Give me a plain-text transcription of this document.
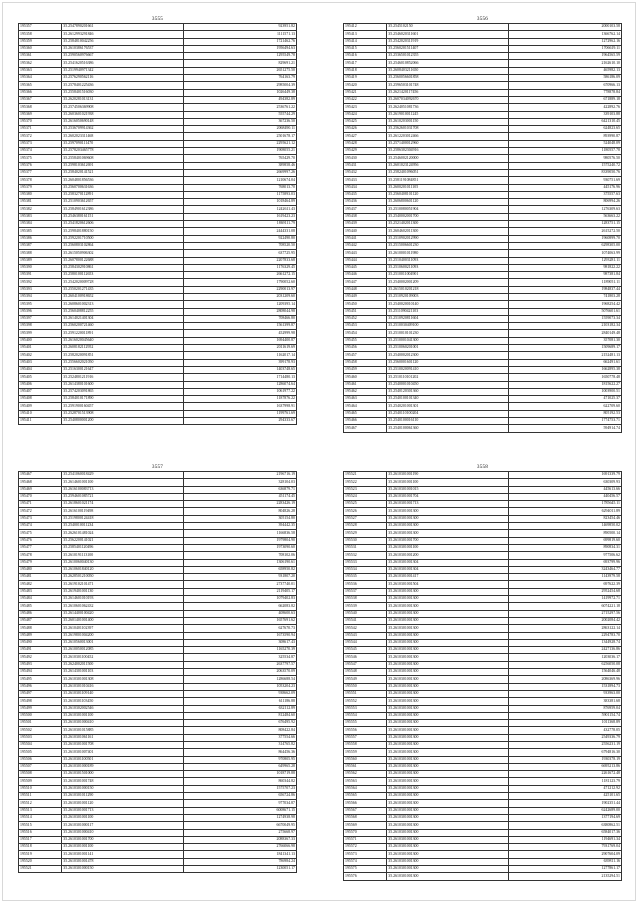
3555
195357	35.2547890201661	923951.82
195358	35.2612993291846	1111571.13
195359	35.2584810042256	1721462.76
195360	35.2610386176537	1956494.63
195361	35.2590560976667	1295549.78
195362	35.2541620516386	829691.21
195363	35.2519940971342	2651275.50
195364	35.2576290562116	764163.79
195365	35.2578401225436	2985004.39
195366	35.2558401516030	1026449.38
195367	35.2620281013131	494382.89
195368	35.2574506369908	2536761.22
195369	35.2603601021938	555744.29
195370	35.2616050690148	367236.50
195371	35.2536709914362	2068490.11
195372	35.2602023311468	2501678.17
195373	35.2597090111470	2295621.12
195374	35.2578203465778	1908055.21
195375	35.2558401069608	765429.70
195376	35.2598103612691	389858.46
195377	35.2584020141521	2669997.26
195378	35.2604801856536	1210674.04
195379	35.2560700631636	768013.70
195380	35.2583270112891	1175893.03
195381	35.2510903612657	1018464.89
195382	35.2584901612386	1242611.43
195383	35.2546380161151	1619423.23
195384	35.2541820612606	1869111.79
195385	35.2598401880150	2444331.08
195386	35.2592201710500	922490.80
195387	35.2560803102864	708520.50
195388	35.2615050906302	637725.95
195389	35.2607800122688	2207833.68
195390	35.2584302910861	1176329.45
195391	35.2580100112653	2661272.15
195392	35.2542020009728	1790052.60
195393	35.2550201271435	2290013.97
195394	35.2604100918652	2031209.60
195395	35.2608601002313	1209395.14
195396	35.2560408812255	2808044.98
195397	35.2614021401304	708466.80
195398	35.2560200721460	1561399.87
195399	35.2591220011891	452999.98
195400	35.2616020045640	1694400.87
195401	35.2608182112952	2011619.69
195402	35.2582020091851	1162017.14
195403	35.2556602021050	399178.93
195404	35.2516300121647	1403748.65
195405	35.2524801211916	1714480.13
195406	35.2614380101600	1286074.64
195407	35.2574203091865	1061977.22
195408	35.2584010171890	1187876.22
195409	35.2591900160457	1637998.91
195410	35.2528701513908	1199761.69
195411	35.2540800001200	294333.67
3556
195412	35.2545102150	2000103.58
195413	35.2546020311601	1366762.14
195414	35.2542020311919	1272962.16
195415	35.2560201511407	1706619.11
195416	35.2536501012355	1964565.59
195417	35.2546010852066	2162610.10
195418	35.2608403211650	465982.13
195419	35.2560056601858	586186.09
195420	35.2596503101748	670966.13
195421	35.2621420117456	778878.84
195422	35.2607034092670	671889.18
195423	35.2624051081736	422892.76
195424	35.2619010011245	339103.88
195425	35.2610203001150	6421310.45
195426	35.2562601031708	624823.65
195427	35.2612203012466	893990.87
195428	35.2571400012960	524048.09
195429	35.2586302304916	1180557.78
195430	35.2546002120000	980576.50
195431	35.2601023124956	1575240.72
195432	35.2582401096051	8339050.76
195433	35.2581191084851	930751.69
195434	35.2600201011105	445176.96
195435	35.2560408101120	375557.63
195436	35.2606800601120	806994.26
195437	35.2510080051904	1276309.63
195438	35.2540002001700	563663.22
195439	35.2521402011300	1283751.15
195440	35.2604602011300	2615272.50
195441	35.2510902012990	1960899.70
195442	35.2515006601230	6298305.00
195443	35.2610001011980	1074063.99
195444	35.2510400311093	1293281.11
195445	35.2510600211093	981822.22
195446	35.2510011004901	987381.84
195447	35.2540002001209	1189051.11
195448	35.2615010201218	1984837.44
195449	35.2510920109003	741803.28
195450	35.2540020010140	1968254.42
195451	35.2511090421103	5076601.61
195452	35.2510920811604	1559073.34
195453	35.2510030409100	2103182.34
195454	35.2510010101230	2840149.48
195455	35.2510001041300	357081.30
195456	35.2510060201001	1509689.17
195457	35.2540002012300	2152481.13
195458	35.2560001601120	662491.61
195459	35.2510020091410	1662895.38
195460	35.2510110101202	1650778.48
195461	35.2540001010450	1815622.27
195462	35.2540120301360	1003900.51
195463	35.2540100101340	471025.37
195464	35.2540201001301	622709.60
195465	35.2540110100204	805192.53
195466	35.2540100016110	1774753.71
195467	35.2540100061360	594914.74
3557
195467	35.2541060018429	2196716.19
195468	35.2614601001100	328104.03
195469	35.2616100083713	636879.71
195470	35.2594601085721	451174.45
195471	35.2618601021174	2283426.19
195472	35.2616100119498	804826.28
195473	35.2519800124418	305154.80
195474	35.2540010011234	394442.35
195475	35.2626101481024	1166836.58
195476	35.2562200141021	1979804.90
195477	35.2585401120496	1973090.60
195478	35.2610191113100	708102.06
195479	35.2610060040130	1306190.61
195480	35.2610601840120	658950.82
195481	35.2628501210050	931807.20
195482	35.2619102101471	2737740.01
195483	35.2619401001130	2119405.17
195484	35.2614601010193	1079402.83
195485	35.2610601062432	662083.82
195486	35.2614400100420	408600.63
195487	35.2601401001400	1657691.62
195488	35.2610401102397	627670.73
195489	35.2619801004200	1673590.94
195490	35.2610560013001	308617.43
195491	35.2610050012085	1165270.39
195492	35.2610301100452	325534.87
195493	35.2624002011500	2637797.57
195494	35.2614301001103	2063570.09
195495	35.2610301001308	1286688.54
195496	35.2610301010416	1053204.23
195497	35.2610301109140	938662.09
195498	35.2610301103450	611186.88
195499	35.2610302002546	632112.89
195500	35.2610301001100	812484.60
195501	35.2610301000410	676495.92
195502	35.2610301015885	808422.84
195503	35.2610301061161	377554.66
195504	35.2610301001708	314765.82
195505	35.2610301007401	864456.36
195506	35.2610301100501	970805.95
195507	35.2610301000189	649965.28
195508	35.2610301501000	1018719.88
195509	35.2610301001748	860344.82
195510	35.2610301000150	1575707.23
195511	35.2610301011290	656724.86
195512	35.2610301001120	977034.87
195513	35.2610301001713	6008671.15
195514	35.2610301001100	1274938.98
195515	35.2610301000117	6670049.95
195516	35.2610301000410	275668.97
195517	35.2610301001700	2088367.33
195518	35.2610301001100	2766066.98
195519	35.2610301001141	1841341.13
195520	35.2610301001478	786984.24
195521	35.2610301000150	1230051.17
3558
195521	35.2610301001190	1691339.79
195522	35.2610301001100	630309.93
195523	35.2610301001015	445613.66
195524	35.2610301001704	440456.57
195525	35.2610301001713	1785645.11
195526	35.2610301001300	6294011.89
195527	35.2610301001300	823454.46
195528	35.2610301001300	1469850.02
195529	35.2610301001300	890500.14
195530	35.2610301001700	699819.60
195531	35.2610301001100	890834.31
195532	35.2610301001200	977506.62
195533	35.2610301001304	693799.96
195534	35.2610301001304	3243464.77
195535	35.2610301001417	1143979.58
195536	35.2610301001504	697622.39
195537	35.2610301001300	2952454.68
195538	35.2610301001300	1419972.71
195539	35.2610301001300	6074221.18
195540	35.2610301001300	2715297.56
195541	35.2610301001300	2002084.42
195542	35.2610301001300	2863122.14
195543	35.2610301001300	2294783.70
195544	35.2610301001300	1344928.74
195545	35.2610301001300	2427136.86
195546	35.2610301001300	1203036.17
195547	35.2610301001300	6256050.08
195548	35.2610301001300	1564046.48
195549	35.2610301001300	2086369.96
195550	35.2610301001300	1531894.73
195551	35.2610301001300	933963.00
195552	35.2610301001300	383381.68
195553	35.2610301001300	876959.04
195554	35.2610301001300	5901154.74
195555	35.2610301001300	1011368.89
195556	35.2610301001300	432778.05
195557	35.2610301001300	2549336.79
195558	35.2610301001300	2556231.19
195559	35.2610301001300	6794816.30
195560	35.2610301001300	1930378.19
195561	35.2610301001300	6695213.86
195562	35.2610301001300	2261672.48
195563	35.2610301001300	1181123.79
195564	35.2610301001300	471212.92
195565	35.2610301001300	425101.65
195566	35.2610301001300	1902351.44
195567	35.2610301001300	6242689.00
195568	35.2610301001300	1377194.69
195569	35.2610301001300	6380862.51
195570	35.2610301001300	6584017.36
195571	35.2610301001300	1194691.34
195572	35.2610301001300	7931769.04
195573	35.2610301001300	2907604.09
195574	35.2610301001300	639811.16
195575	35.2610301001300	1277861.17
195576	35.2610301001300	2135294.51
